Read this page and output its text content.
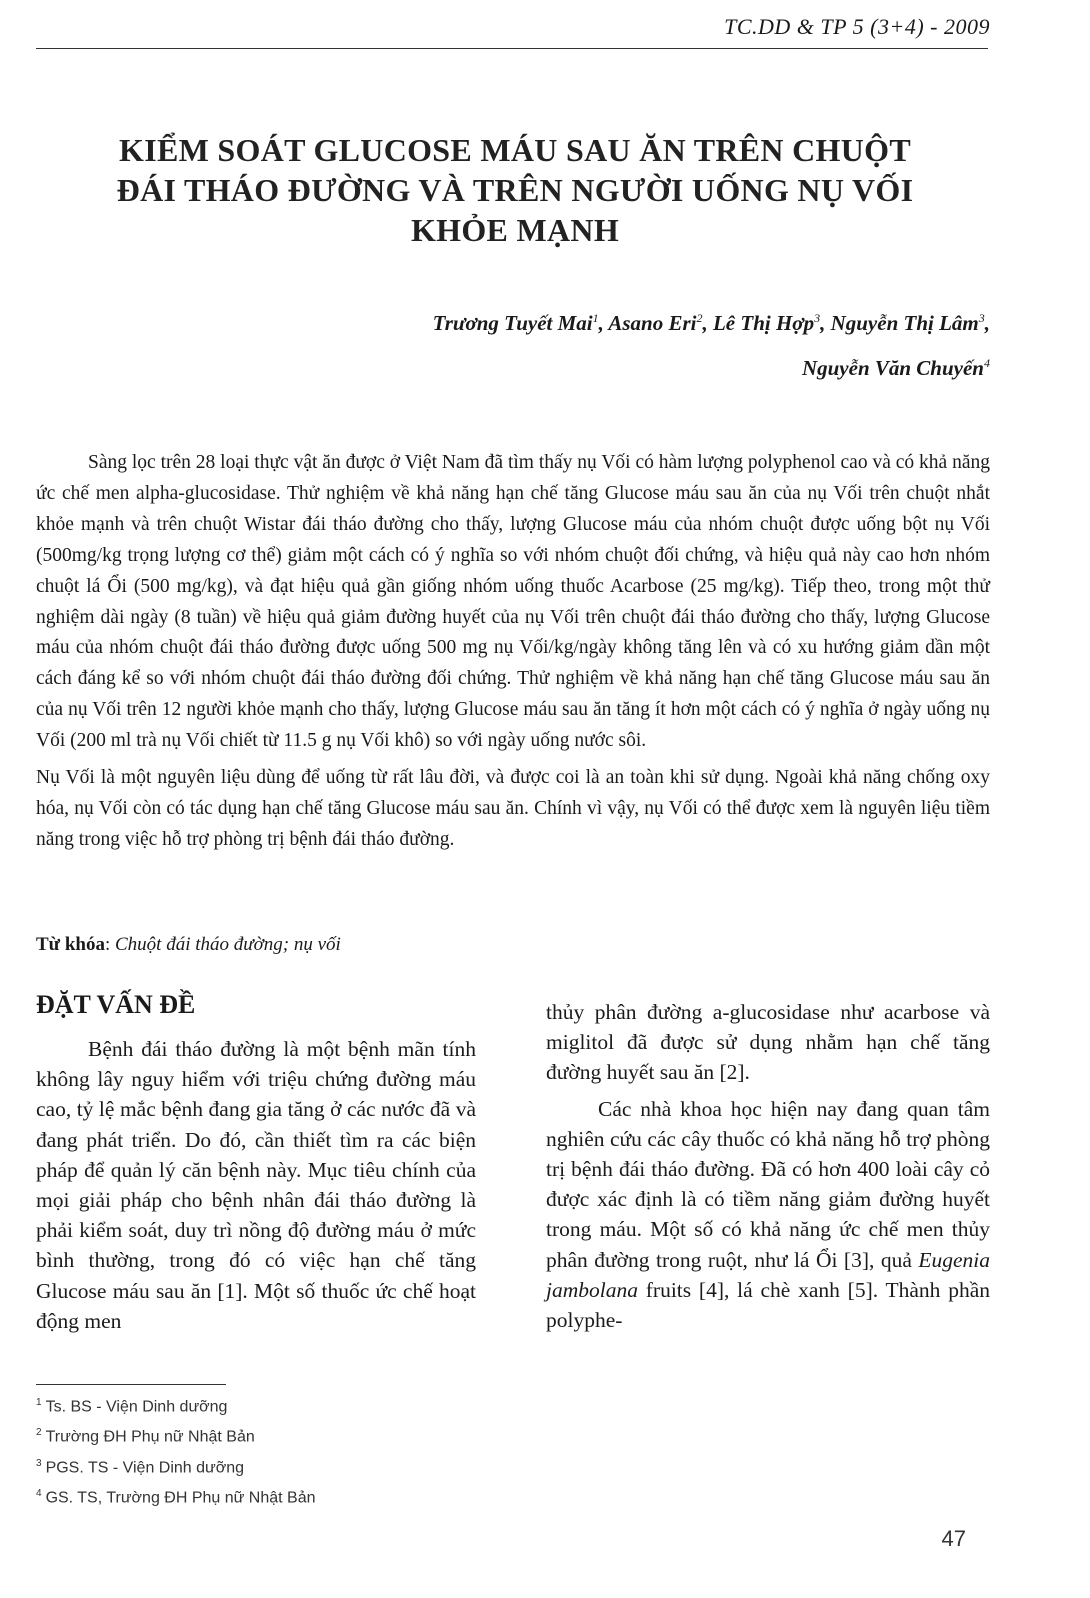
TC.DD & TP 5 (3+4) - 2009
KIỂM SOÁT GLUCOSE MÁU SAU ĂN TRÊN CHUỘT
ĐÁI THÁO ĐƯỜNG VÀ TRÊN NGƯỜI UỐNG NỤ VỐI
KHỎE MẠNH
Trương Tuyết Mai$^1$, Asano Eri$^2$, Lê Thị Hợp$^3$, Nguyễn Thị Lâm$^3$,
Nguyễn Văn Chuyến$^4$

Sàng lọc trên 28 loại thực vật ăn được ở Việt Nam đã tìm thấy nụ Vối có hàm lượng polyphenol cao và có khả năng ức chế men alpha-glucosidase. Thử nghiệm về khả năng hạn chế tăng Glucose máu sau ăn của nụ Vối trên chuột nhắt khỏe mạnh và trên chuột Wistar đái tháo đường cho thấy, lượng Glucose máu của nhóm chuột được uống bột nụ Vối (500mg/kg trọng lượng cơ thể) giảm một cách có ý nghĩa so với nhóm chuột đối chứng, và hiệu quả này cao hơn nhóm chuột lá Ổi (500 mg/kg), và đạt hiệu quả gần giống nhóm uống thuốc Acarbose (25 mg/kg). Tiếp theo, trong một thử nghiệm dài ngày (8 tuần) về hiệu quả giảm đường huyết của nụ Vối trên chuột đái tháo đường cho thấy, lượng Glucose máu của nhóm chuột đái tháo đường được uống 500 mg nụ Vối/kg/ngày không tăng lên và có xu hướng giảm dần một cách đáng kể so với nhóm chuột đái tháo đường đối chứng. Thử nghiệm về khả năng hạn chế tăng Glucose máu sau ăn của nụ Vối trên 12 người khỏe mạnh cho thấy, lượng Glucose máu sau ăn tăng ít hơn một cách có ý nghĩa ở ngày uống nụ Vối (200 ml trà nụ Vối chiết từ 11.5 g nụ Vối khô) so với ngày uống nước sôi.

Nụ Vối là một nguyên liệu dùng để uống từ rất lâu đời, và được coi là an toàn khi sử dụng. Ngoài khả năng chống oxy hóa, nụ Vối còn có tác dụng hạn chế tăng Glucose máu sau ăn. Chính vì vậy, nụ Vối có thể được xem là nguyên liệu tiềm năng trong việc hỗ trợ phòng trị bệnh đái tháo đường.

Từ khóa: Chuột đái tháo đường; nụ vối
ĐẶT VẤN ĐỀ

Bệnh đái tháo đường là một bệnh mãn tính không lây nguy hiểm với triệu chứng đường máu cao, tỷ lệ mắc bệnh đang gia tăng ở các nước đã và đang phát triển. Do đó, cần thiết tìm ra các biện pháp để quản lý căn bệnh này. Mục tiêu chính của mọi giải pháp cho bệnh nhân đái tháo đường là phải kiểm soát, duy trì nồng độ đường máu ở mức bình thường, trong đó có việc hạn chế tăng Glucose máu sau ăn [1]. Một số thuốc ức chế hoạt động men

thủy phân đường a-glucosidase như acarbose và miglitol đã được sử dụng nhằm hạn chế tăng đường huyết sau ăn [2].

Các nhà khoa học hiện nay đang quan tâm nghiên cứu các cây thuốc có khả năng hỗ trợ phòng trị bệnh đái tháo đường. Đã có hơn 400 loài cây cỏ được xác định là có tiềm năng giảm đường huyết trong máu. Một số có khả năng ức chế men thủy phân đường trong ruột, như lá Ổi [3], quả Eugenia jambolana fruits [4], lá chè xanh [5]. Thành phần polyphe-

$^1$ Ts. BS - Viện Dinh dưỡng
$^2$ Trường ĐH Phụ nữ Nhật Bản
$^3$ PGS. TS - Viện Dinh dưỡng
$^4$ GS. TS, Trường ĐH Phụ nữ Nhật Bản
47
